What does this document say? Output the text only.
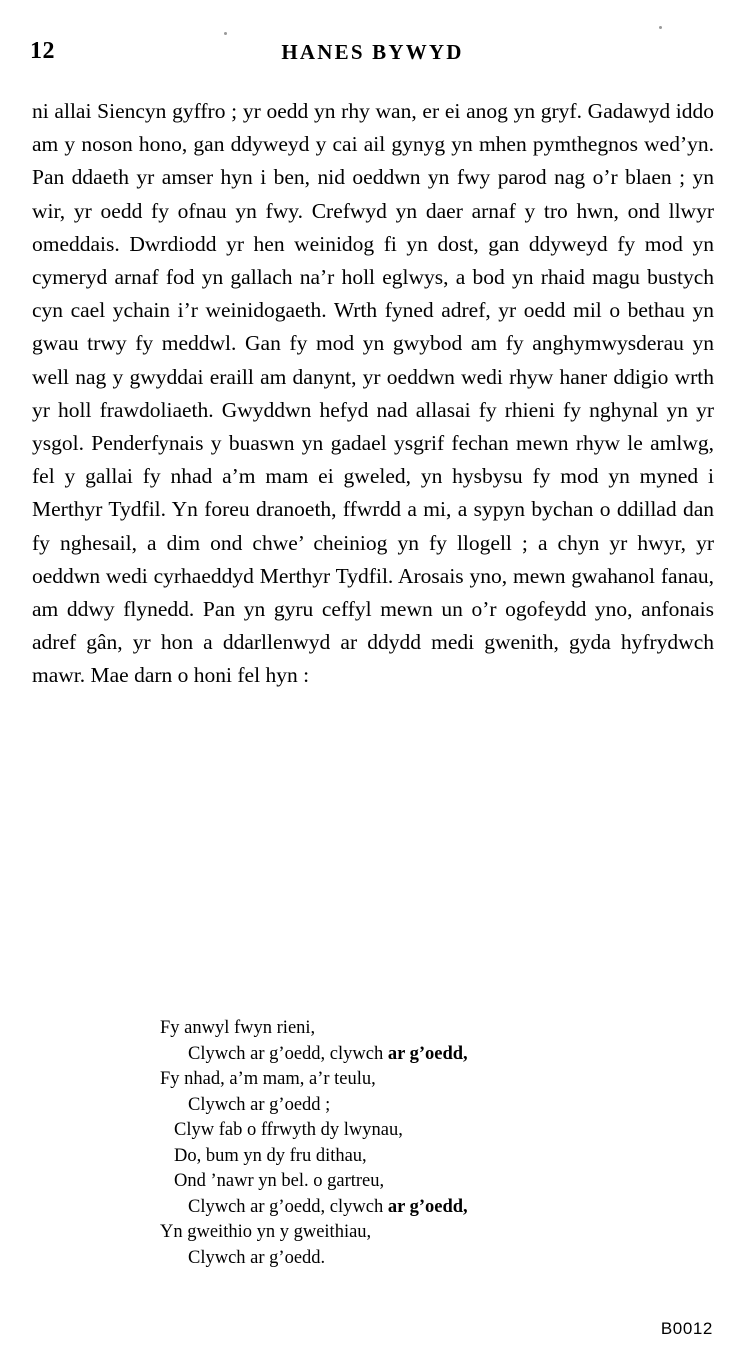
12	HANES BYWYD

ni allai Siencyn gyffro ; yr oedd yn rhy wan, er ei anog yn gryf. Gadawyd iddo am y noson hono, gan ddyweyd y cai ail gynyg yn mhen pymthegnos wed’yn. Pan ddaeth yr amser hyn i ben, nid oeddwn yn fwy parod nag o’r blaen ; yn wir, yr oedd fy ofnau yn fwy. Crefwyd yn daer arnaf y tro hwn, ond llwyr omeddais. Dwrdiodd yr hen weinidog fi yn dost, gan ddyweyd fy mod yn cymeryd arnaf fod yn gallach na’r holl eglwys, a bod yn rhaid magu bustych cyn cael ychain i’r weinidogaeth. Wrth fyned adref, yr oedd mil o bethau yn gwau trwy fy meddwl. Gan fy mod yn gwybod am fy anghymwysderau yn well nag y gwyddai eraill am danynt, yr oeddwn wedi rhyw haner ddigio wrth yr holl frawdoliaeth. Gwyddwn hefyd nad allasai fy rhieni fy nghynal yn yr ysgol. Penderfynais y buaswn yn gadael ysgrif fechan mewn rhyw le amlwg, fel y gallai fy nhad a’m mam ei gweled, yn hysbysu fy mod yn myned i Merthyr Tydfil. Yn foreu dranoeth, ffwrdd a mi, a sypyn bychan o ddillad dan fy nghesail, a dim ond chwe’ cheiniog yn fy llogell ; a chyn yr hwyr, yr oeddwn wedi cyrhaeddyd Merthyr Tydfil. Arosais yno, mewn gwahanol fanau, am ddwy flynedd. Pan yn gyru ceffyl mewn un o’r ogofeydd yno, anfonais adref gân, yr hon a ddarllenwyd ar ddydd medi gwenith, gyda hyfrydwch mawr. Mae darn o honi fel hyn :

Fy anwyl fwyn rieni,
Clywch ar g’oedd, clywch ar g’oedd,
Fy nhad, a’m mam, a’r teulu,
Clywch ar g’oedd ;
Clyw fab o ffrwyth dy lwynau,
Do, bum yn dy fru dithau,
Ond ’nawr yn bel. o gartreu,
Clywch ar g’oedd, clywch ar g’oedd,
Yn gweithio yn y gweithiau,
Clywch ar g’oedd.
B0012
